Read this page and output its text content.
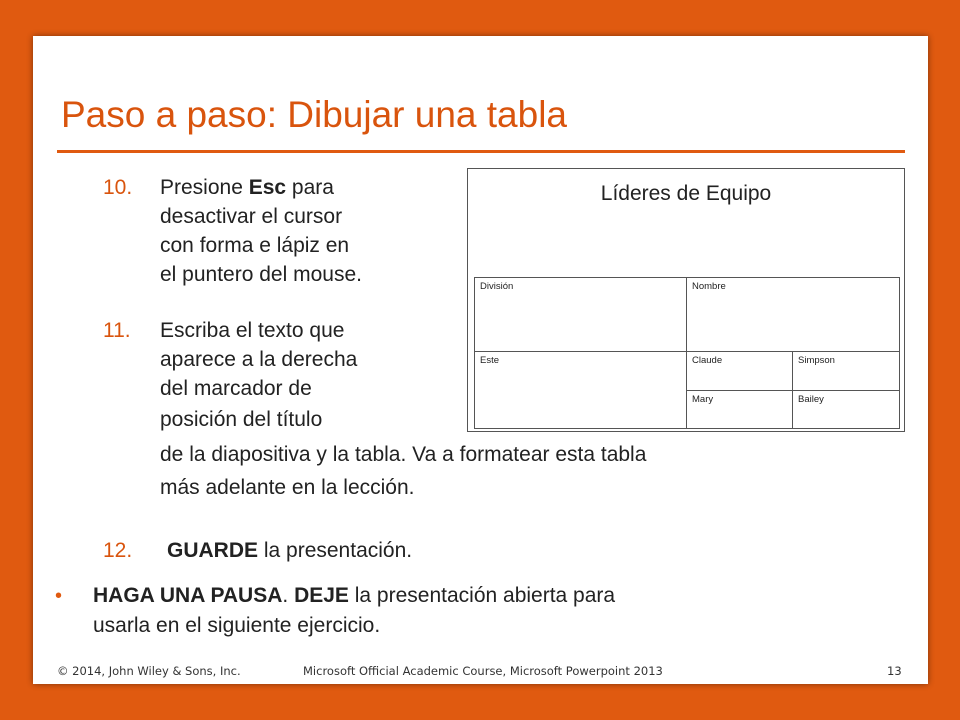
Paso a paso: Dibujar una tabla
10. Presione Esc para
desactivar el cursor
con forma e lápiz en
el puntero del mouse.
11. Escriba el texto que
aparece a la derecha
del marcador de
posición del título
de la diapositiva y la tabla. Va a formatear esta tabla
más adelante en la lección.
12. GUARDE la presentación.
• HAGA UNA PAUSA. DEJE la presentación abierta para
usarla en el siguiente ejercicio.
Líderes de Equipo
División	Nombre	
Este	Claude	Simpson
	Mary	Bailey
© 2014, John Wiley & Sons, Inc.	Microsoft Official Academic Course, Microsoft Powerpoint 2013	13
